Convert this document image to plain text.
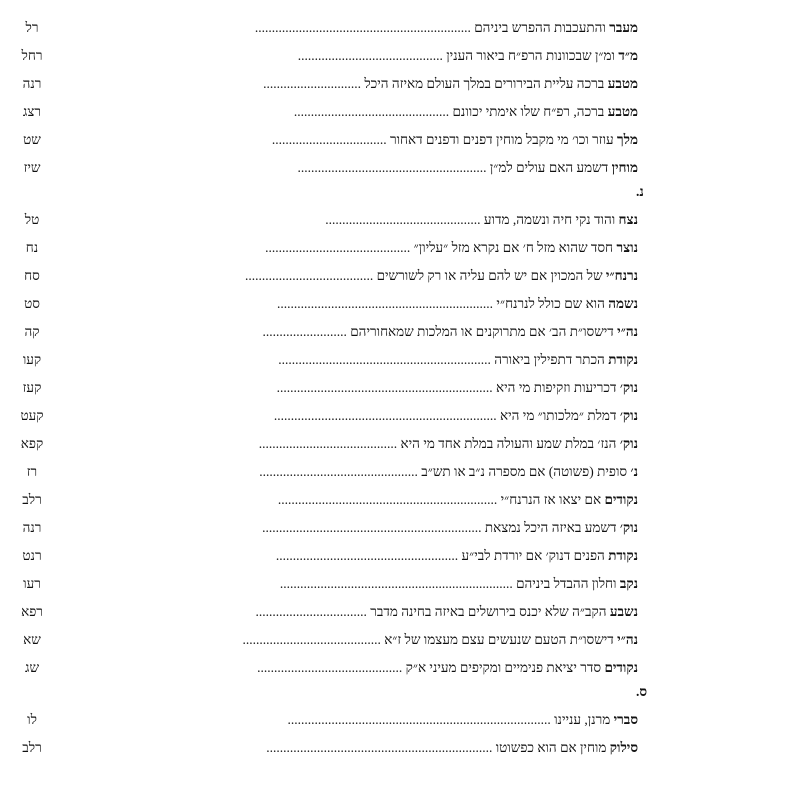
מעבר והתעכבות ההפרש ביניהם ................................................................
רל
מ״ד ומ״ן שבכוונות הרפ״ח ביאור הענין ...........................................
רחל
מטבע ברכה עליית הבירורים במלך העולם מאיזה היכל .............................
רנה
מטבע ברכה, רפ״ח שלו אימתי יכוונם ..............................................
רצג
מלך עוזר וכו׳ מי מקבל מוחין דפנים ודפנים דאחור ..................................
שט
מוחין דשמע האם עולים למ״ן ........................................................
שיז
נ.
נצח והוד נקי חיה ונשמה, מדוע ..............................................
טל
נוצר חסד שהוא מזל ח׳ אם נקרא מזל ״עליון״ ...........................................
נח
נרנח״י של המכוין אם יש להם עליה או רק לשורשים ......................................
סח
נשמה הוא שם כולל לנרנח״י ................................................................
סט
נה״י דישסו״ת הב׳ אם מתרוקנים או המלכות שמאחוריהם .........................
קה
נקודת הכתר דתפילין ביאורה ...............................................................
קעו
נוק׳ דכריעות וזקיפות מי היא ................................................................
קעז
נוק׳ דמלת ״מלכותו״ מי היא ..................................................................
קעט
נוק׳ הנז׳ במלת שמע והעולה במלת אחד מי היא .........................................
קפא
נ׳ סופית (פשוטה) אם מספרה נ״ב או תש״ב ...............................................
רז
נקודים אם יצאו אז הנרנח״י .................................................................
רלב
נוק׳ דשמע באיזה היכל נמצאת .................................................................
רנה
נקודת הפנים דנוק׳ אם יורדת לבי״ע ......................................................
רנט
נקב וחלון ההבדל ביניהם .....................................................................
רעו
נשבע הקב״ה שלא יכנס בירושלים באיזה בחינה מדבר .................................
רפא
נה״י דישסו״ת הטעם שנעשים עצם מעצמו של ז״א .........................................
שא
נקודים סדר יציאת פנימיים ומקיפים מעיני א״ק ...........................................
שג
ס.
סברי מרנן, עניינו ..............................................................................
לו
סילוק מוחין אם הוא כפשוטו ...................................................................
רלב
